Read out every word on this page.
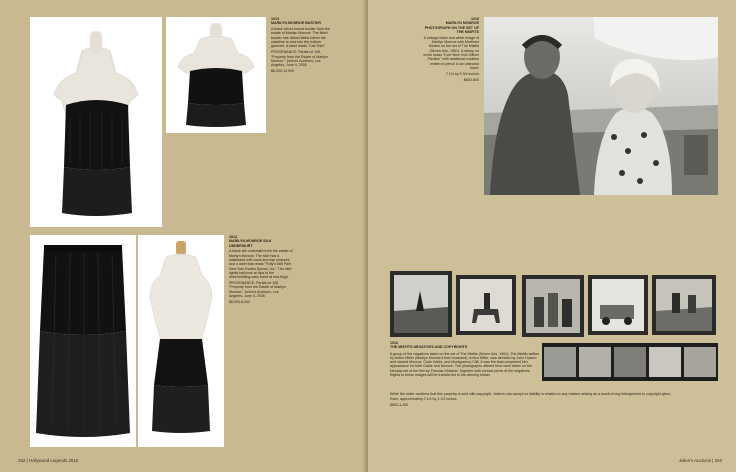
1013
MARILYN MONROE BUSTIER

A black velvet boned bustier from the estate of Marilyn Monroe. The fitted bustier has ribbed fabric below the waistline to tuck into the bottom garment. A label reads "Call Shirt".

PROVENANCE: Partial lot 106, "Property from the Estate of Marilyn Monroe," Julien's Auctions, Los Angeles, June 4, 2005

$8,000-10,000

1014
MARILYN MONROE SILK UNDERSKIRT

A black silk underskirt from the estate of Marilyn Monroe. The skirt has a waistband with hook and eye closures and a label that reads "Fully's 680 Park New York Rodea Symes, Inc." The skirt lightly balloons at hips to the sheer/shifting satin band at mid-thigh.

PROVENANCE: Partial lot 106, "Property from the Estate of Marilyn Monroe," Julien's Auctions, Los Angeles, June 4, 2005

$6,000-8,000

262 | Hollywood Legends 2015
1015
MARILYN MONROE PHOTOGRAPH ON THE SET OF THE MISFITS

A vintage black and white image of Marilyn Monroe with Mortimer Kristen on the set of The Misfits (Seven Arts, 1961). A stamp on verso reads "Eve/ New York Office/ Pavilion" with additional notation written in pencil in an unknown hand.

7 1/4 by 9 3/4 inches

$600-800

1016
THE MISFITS NEGATIVES AND COPYRIGHTS

A group of the negatives taken on the set of The Misfits (Seven Arts, 1961). The Misfits written by Arthur Miller (Marilyn Monroe's then husband), Arthur Miller, was directed by John Huston and starred Monroe, Clark Gable, and Montgomery Clift. It was the final completed film appearance for both Gable and Monroe. The photographs offered here were taken on the Nevada set of the film by Thomas Kirkland. Together with contact prints of the negatives. Rights to these images will be transferred to the winning bidder.

While the seller confirms that this property is sold with copyright, Julien's can accept no liability in relation to any matters arising as a result of any infringement to copyright given.

Each, approximately 2 1/4 by 3 1/2 inches

$800-1,200

Julien's Auctions | 263
